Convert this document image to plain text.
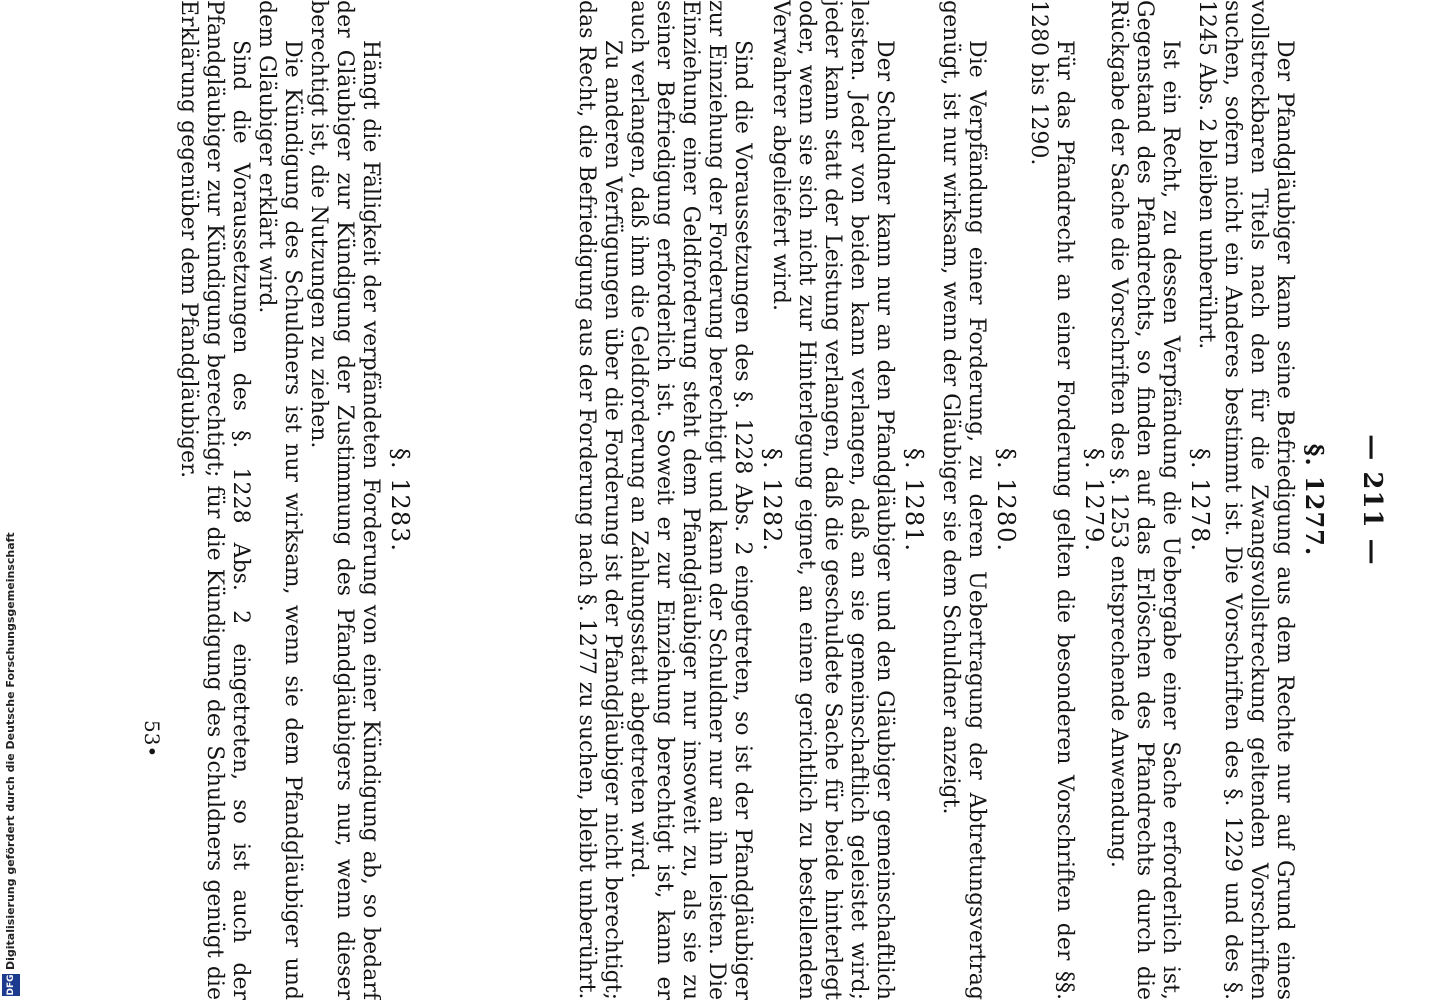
— 211 —
§. 1277.

Der Pfandgläubiger kann seine Befriedigung aus dem Rechte nur auf Grund eines vollstreckbaren Titels nach den für die Zwangsvollstreckung geltenden Vorschriften suchen, sofern nicht ein Anderes bestimmt ist. Die Vorschriften des §. 1229 und des §. 1245 Abs. 2 bleiben unberührt.

§. 1278.

Ist ein Recht, zu dessen Verpfändung die Uebergabe einer Sache erforderlich ist, Gegenstand des Pfandrechts, so finden auf das Erlöschen des Pfandrechts durch die Rückgabe der Sache die Vorschriften des §. 1253 entsprechende Anwendung.

§. 1279.

Für das Pfandrecht an einer Forderung gelten die besonderen Vorschriften der §§. 1280 bis 1290.

§. 1280.

Die Verpfändung einer Forderung, zu deren Uebertragung der Abtretungsvertrag genügt, ist nur wirksam, wenn der Gläubiger sie dem Schuldner anzeigt.

§. 1281.

Der Schuldner kann nur an den Pfandgläubiger und den Gläubiger gemeinschaftlich leisten. Jeder von beiden kann verlangen, daß an sie gemeinschaftlich geleistet wird; jeder kann statt der Leistung verlangen, daß die geschuldete Sache für beide hinterlegt oder, wenn sie sich nicht zur Hinterlegung eignet, an einen gerichtlich zu bestellenden Verwahrer abgeliefert wird.

§. 1282.

Sind die Voraussetzungen des §. 1228 Abs. 2 eingetreten, so ist der Pfandgläubiger zur Einziehung der Forderung berechtigt und kann der Schuldner nur an ihn leisten. Die Einziehung einer Geldforderung steht dem Pfandgläubiger nur insoweit zu, als sie zu seiner Befriedigung erforderlich ist. Soweit er zur Einziehung berechtigt ist, kann er auch verlangen, daß ihm die Geldforderung an Zahlungsstatt abgetreten wird.

Zu anderen Verfügungen über die Forderung ist der Pfandgläubiger nicht berechtigt; das Recht, die Befriedigung aus der Forderung nach §. 1277 zu suchen, bleibt unberührt.

§. 1283.

Hängt die Fälligkeit der verpfändeten Forderung von einer Kündigung ab, so bedarf der Gläubiger zur Kündigung der Zustimmung des Pfandgläubigers nur, wenn dieser berechtigt ist, die Nutzungen zu ziehen.

Die Kündigung des Schuldners ist nur wirksam, wenn sie dem Pfandgläubiger und dem Gläubiger erklärt wird.

Sind die Voraussetzungen des §. 1228 Abs. 2 eingetreten, so ist auch der Pfandgläubiger zur Kündigung berechtigt; für die Kündigung des Schuldners genügt die Erklärung gegenüber dem Pfandgläubiger.

53•
DFG
Digitalisierung gefördert durch die Deutsche Forschungsgemeinschaft
